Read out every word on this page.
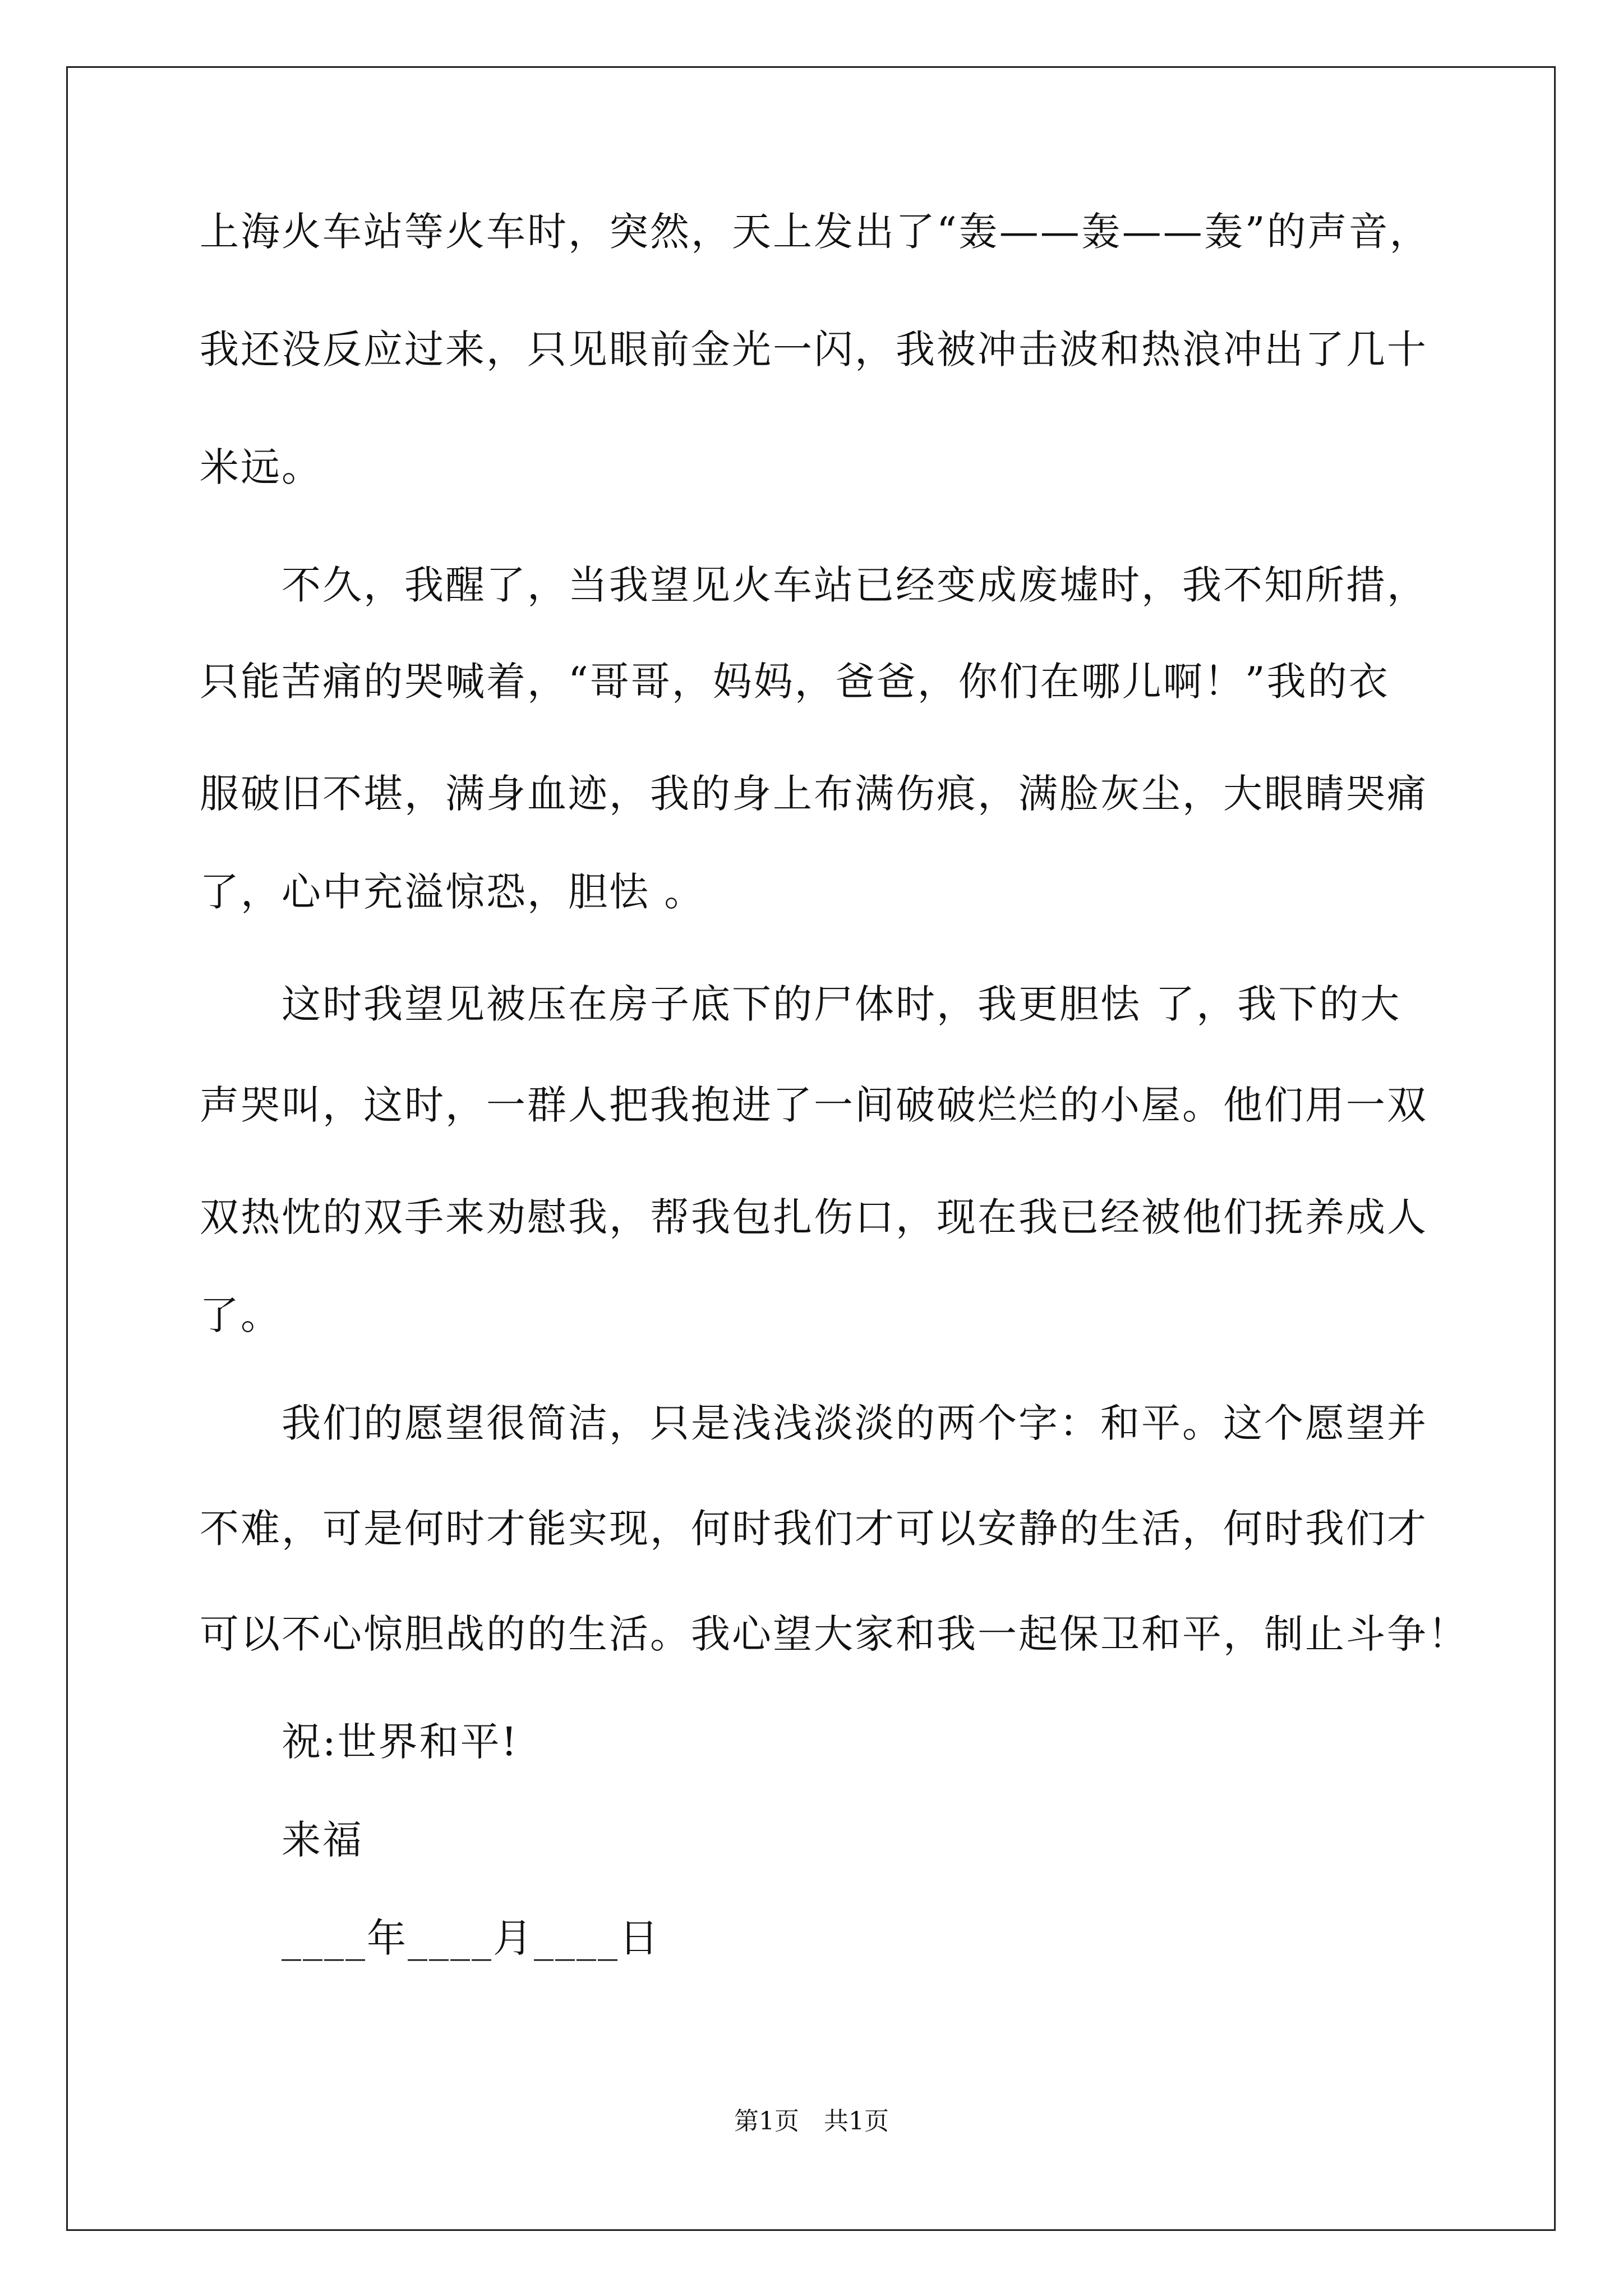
上海火车站等火车时，突然，天上发出了“轰——轰——轰”的声音，
我还没反应过来，只见眼前金光一闪，我被冲击波和热浪冲出了几十
米远。
不久，我醒了，当我望见火车站已经变成废墟时，我不知所措，
只能苦痛的哭喊着，“哥哥，妈妈，爸爸，你们在哪儿啊！”我的衣
服破旧不堪，满身血迹，我的身上布满伤痕，满脸灰尘，大眼睛哭痛
了，心中充溢惊恐，胆怯 。
这时我望见被压在房子底下的尸体时，我更胆怯 了，我下的大
声哭叫，这时，一群人把我抱进了一间破破烂烂的小屋。他们用一双
双热忱的双手来劝慰我，帮我包扎伤口，现在我已经被他们抚养成人
了。
我们的愿望很简洁，只是浅浅淡淡的两个字：和平。这个愿望并
不难，可是何时才能实现，何时我们才可以安静的生活，何时我们才
可以不心惊胆战的的生活。我心望大家和我一起保卫和平，制止斗争！
祝:世界和平!
来福
____年____月____日
第1页　共1页
